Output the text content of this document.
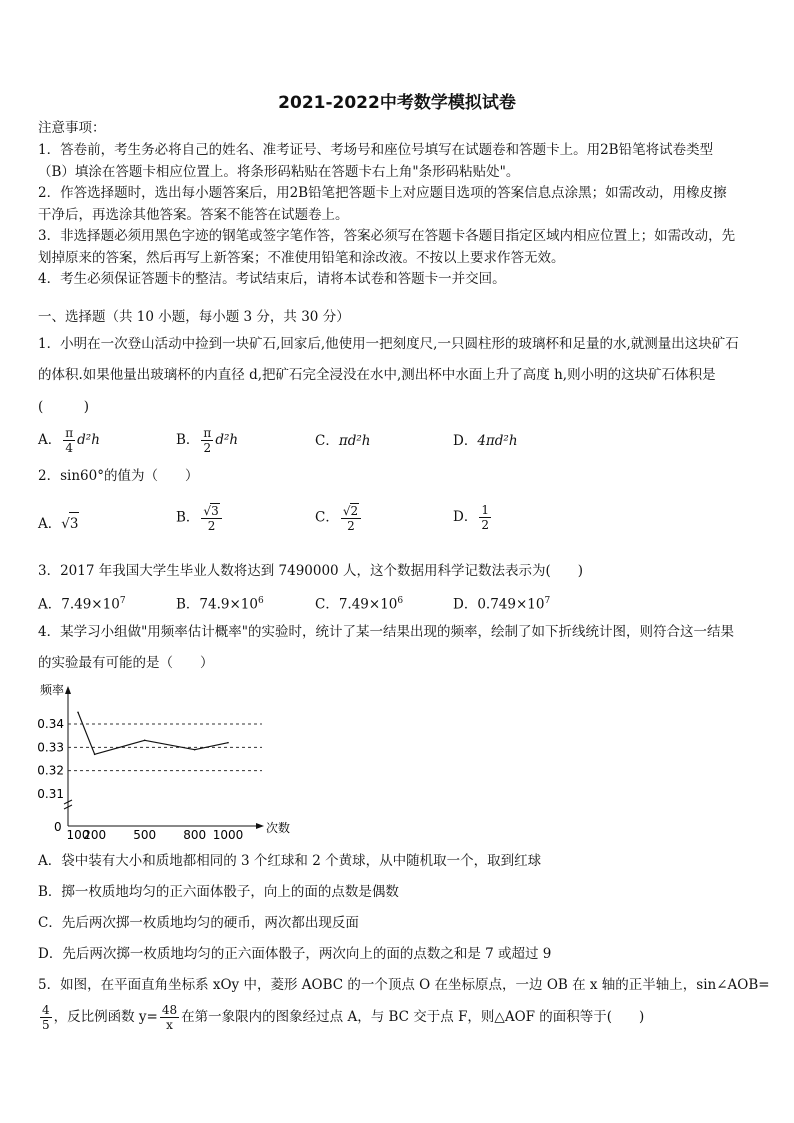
2021-2022中考数学模拟试卷
注意事项：
1．答卷前，考生务必将自己的姓名、准考证号、考场号和座位号填写在试题卷和答题卡上。用2B铅笔将试卷类型
（B）填涂在答题卡相应位置上。将条形码粘贴在答题卡右上角"条形码粘贴处"。
2．作答选择题时，选出每小题答案后，用2B铅笔把答题卡上对应题目选项的答案信息点涂黑；如需改动，用橡皮擦
干净后，再选涂其他答案。答案不能答在试题卷上。
3．非选择题必须用黑色字迹的钢笔或签字笔作答，答案必须写在答题卡各题目指定区域内相应位置上；如需改动，先
划掉原来的答案，然后再写上新答案；不准使用铅笔和涂改液。不按以上要求作答无效。
4．考生必须保证答题卡的整洁。考试结束后，请将本试卷和答题卡一并交回。
一、选择题（共 10 小题，每小题 3 分，共 30 分）
1．小明在一次登山活动中捡到一块矿石,回家后,他使用一把刻度尺,一只圆柱形的玻璃杯和足量的水,就测量出这块矿石
的体积.如果他量出玻璃杯的内直径 d,把矿石完全浸没在水中,测出杯中水面上升了高度 h,则小明的这块矿石体积是
(　　　)
A． $\frac{\pi}{4} d^2h$	B． $\frac{\pi}{2} d^2h$	C．πd²h	D．4πd²h
2．sin60°的值为（　　）
A．√3	B． $\frac{√3}{2}$	C． $\frac{√2}{2}$	D． $\frac{1}{2}$
3．2017 年我国大学生毕业人数将达到 7490000 人，这个数据用科学记数法表示为(　　)
A．$7.49\times 10^7$	B．$74.9\times 10^6$	C．$7.49\times 10^6$	D．$0.749\times 10^7$
4．某学习小组做"用频率估计概率"的实验时，统计了某一结果出现的频率，绘制了如下折线统计图，则符合这一结果
的实验最有可能的是（　　）
频率
次数
0
0.34
0.33
0.32
0.31
100
200 500 800 1000
A．袋中装有大小和质地都相同的 3 个红球和 2 个黄球，从中随机取一个，取到红球
B．掷一枚质地均匀的正六面体骰子，向上的面的点数是偶数
C．先后两次掷一枚质地均匀的硬币，两次都出现反面
D．先后两次掷一枚质地均匀的正六面体骰子，两次向上的面的点数之和是 7 或超过 9
5．如图，在平面直角坐标系 xOy 中，菱形 AOBC 的一个顶点 O 在坐标原点，一边 OB 在 x 轴的正半轴上，sin∠AOB=
$\frac{4}{5}$ ，反比例函数 $y= \frac{48}{x}$ 在第一象限内的图象经过点 A，与 BC 交于点 F，则△AOF 的面积等于(　　)
